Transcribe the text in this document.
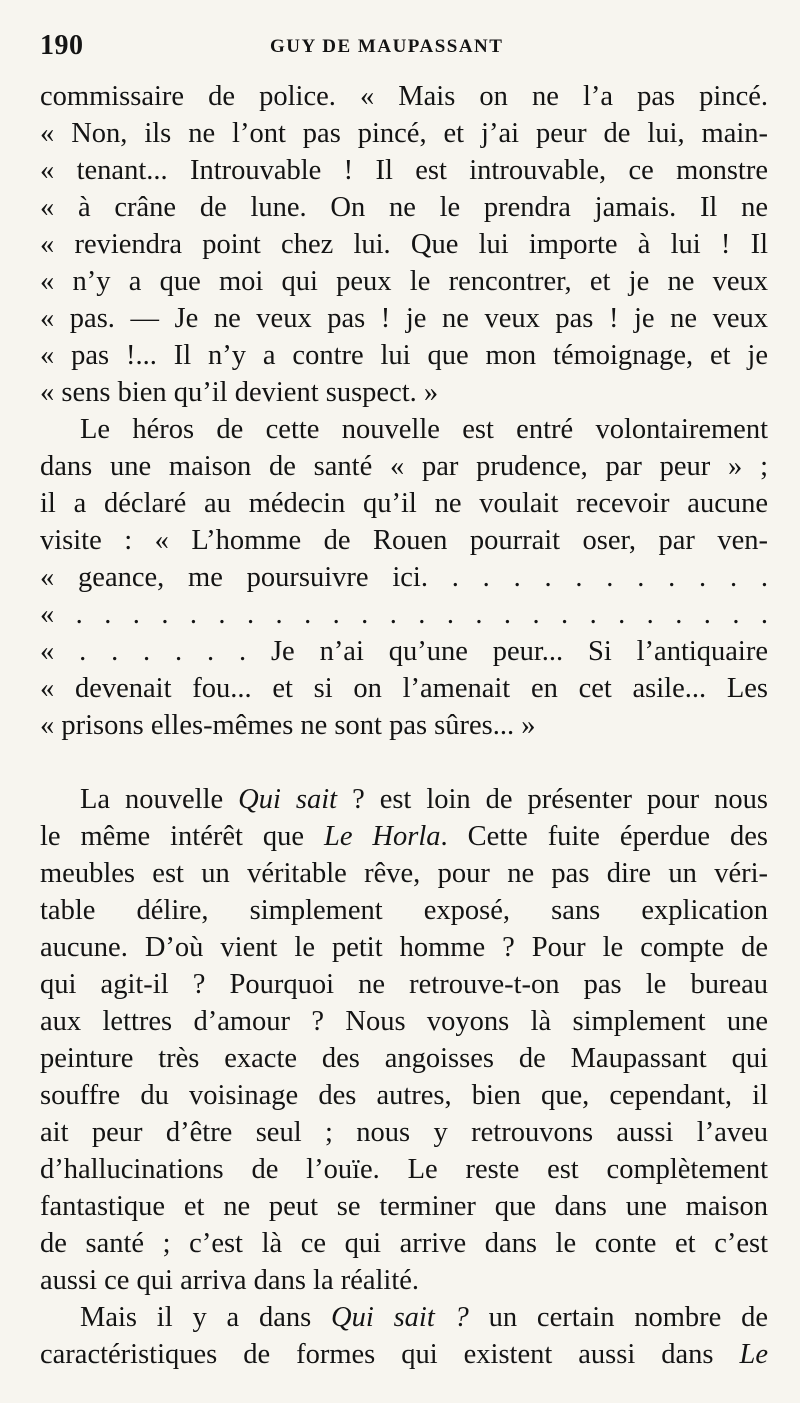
190	GUY DE MAUPASSANT
commissaire de police. « Mais on ne l’a pas pincé.
« Non, ils ne l’ont pas pincé, et j’ai peur de lui, main-
« tenant... Introuvable ! Il est introuvable, ce monstre
« à crâne de lune. On ne le prendra jamais. Il ne
« reviendra point chez lui. Que lui importe à lui ! Il
« n’y a que moi qui peux le rencontrer, et je ne veux
« pas. — Je ne veux pas ! je ne veux pas ! je ne veux
« pas !... Il n’y a contre lui que mon témoignage, et je
« sens bien qu’il devient suspect. »
Le héros de cette nouvelle est entré volontairement
dans une maison de santé « par prudence, par peur » ;
il a déclaré au médecin qu’il ne voulait recevoir aucune
visite : « L’homme de Rouen pourrait oser, par ven-
« geance, me poursuivre ici. . . . . . . . . . . .
« . . . . . . . . . . . . . . . . . . . . . . . . .
« . . . . . . Je n’ai qu’une peur... Si l’antiquaire
« devenait fou... et si on l’amenait en cet asile... Les
« prisons elles-mêmes ne sont pas sûres... »
La nouvelle Qui sait ? est loin de présenter pour nous
le même intérêt que Le Horla. Cette fuite éperdue des
meubles est un véritable rêve, pour ne pas dire un véri-
table délire, simplement exposé, sans explication
aucune. D’où vient le petit homme ? Pour le compte de
qui agit-il ? Pourquoi ne retrouve-t-on pas le bureau
aux lettres d’amour ? Nous voyons là simplement une
peinture très exacte des angoisses de Maupassant qui
souffre du voisinage des autres, bien que, cependant, il
ait peur d’être seul ; nous y retrouvons aussi l’aveu
d’hallucinations de l’ouïe. Le reste est complètement
fantastique et ne peut se terminer que dans une maison
de santé ; c’est là ce qui arrive dans le conte et c’est
aussi ce qui arriva dans la réalité.
Mais il y a dans Qui sait ? un certain nombre de
caractéristiques de formes qui existent aussi dans Le
